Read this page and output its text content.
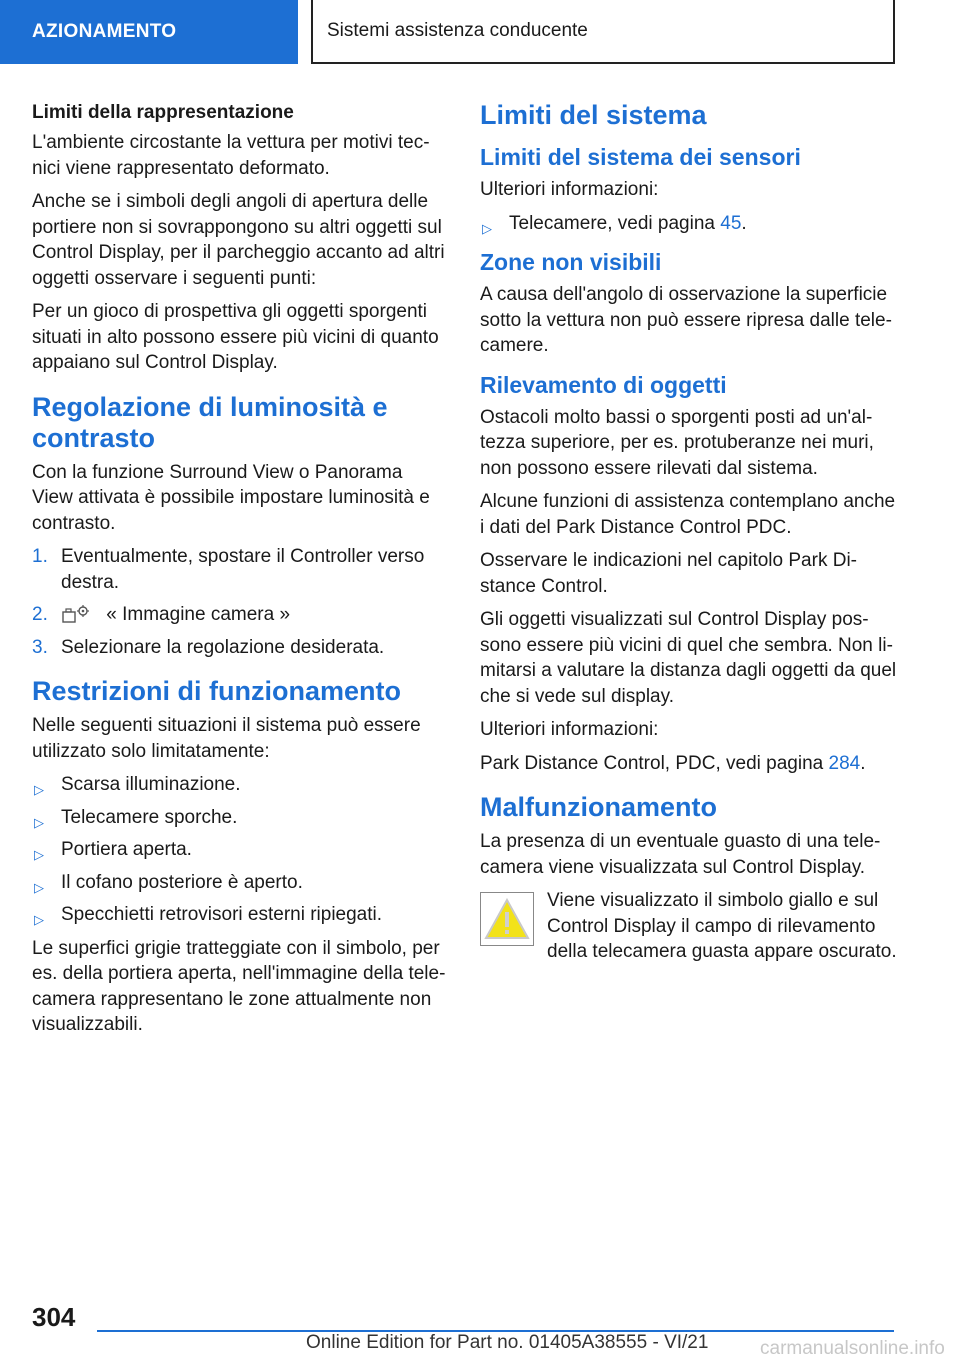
AZIONAMENTO	Sistemi assistenza conducente
Limiti della rappresentazione

L'ambiente circostante la vettura per motivi tecnici viene rappresentato deformato.

Anche se i simboli degli angoli di apertura delle portiere non si sovrappongono su altri oggetti sul Control Display, per il parcheggio accanto ad altri oggetti osservare i seguenti punti:

Per un gioco di prospettiva gli oggetti sporgenti situati in alto possono essere più vicini di quanto appaiano sul Control Display.

Regolazione di luminosità e contrasto

Con la funzione Surround View o Panorama View attivata è possibile impostare luminosità e contrasto.

1. Eventualmente, spostare il Controller verso destra.
2.	« Immagine camera »
3. Selezionare la regolazione desiderata.
Restrizioni di funzionamento

Nelle seguenti situazioni il sistema può essere utilizzato solo limitatamente:

▷ Scarsa illuminazione.
▷ Telecamere sporche.
▷ Portiera aperta.
▷ Il cofano posteriore è aperto.
▷ Specchietti retrovisori esterni ripiegati.

Le superfici grigie tratteggiate con il simbolo, per es. della portiera aperta, nell'immagine della telecamera rappresentano le zone attualmente non visualizzabili.

Limiti del sistema
Limiti del sistema dei sensori

Ulteriori informazioni:

▷ Telecamere, vedi pagina 45.
Zone non visibili

A causa dell'angolo di osservazione la superficie sotto la vettura non può essere ripresa dalle telecamere.

Rilevamento di oggetti

Ostacoli molto bassi o sporgenti posti ad un'altezza superiore, per es. protuberanze nei muri, non possono essere rilevati dal sistema.

Alcune funzioni di assistenza contemplano anche i dati del Park Distance Control PDC.

Osservare le indicazioni nel capitolo Park Distance Control.

Gli oggetti visualizzati sul Control Display possono essere più vicini di quel che sembra. Non limitarsi a valutare la distanza dagli oggetti da quel che si vede sul display.

Ulteriori informazioni:

Park Distance Control, PDC, vedi pagina 284.

Malfunzionamento

La presenza di un eventuale guasto di una telecamera viene visualizzata sul Control Display.

Viene visualizzato il simbolo giallo e sul Control Display il campo di rilevamento della telecamera guasta appare oscurato.

304
Online Edition for Part no. 01405A38555 - VI/21	carmanualsonline.info
